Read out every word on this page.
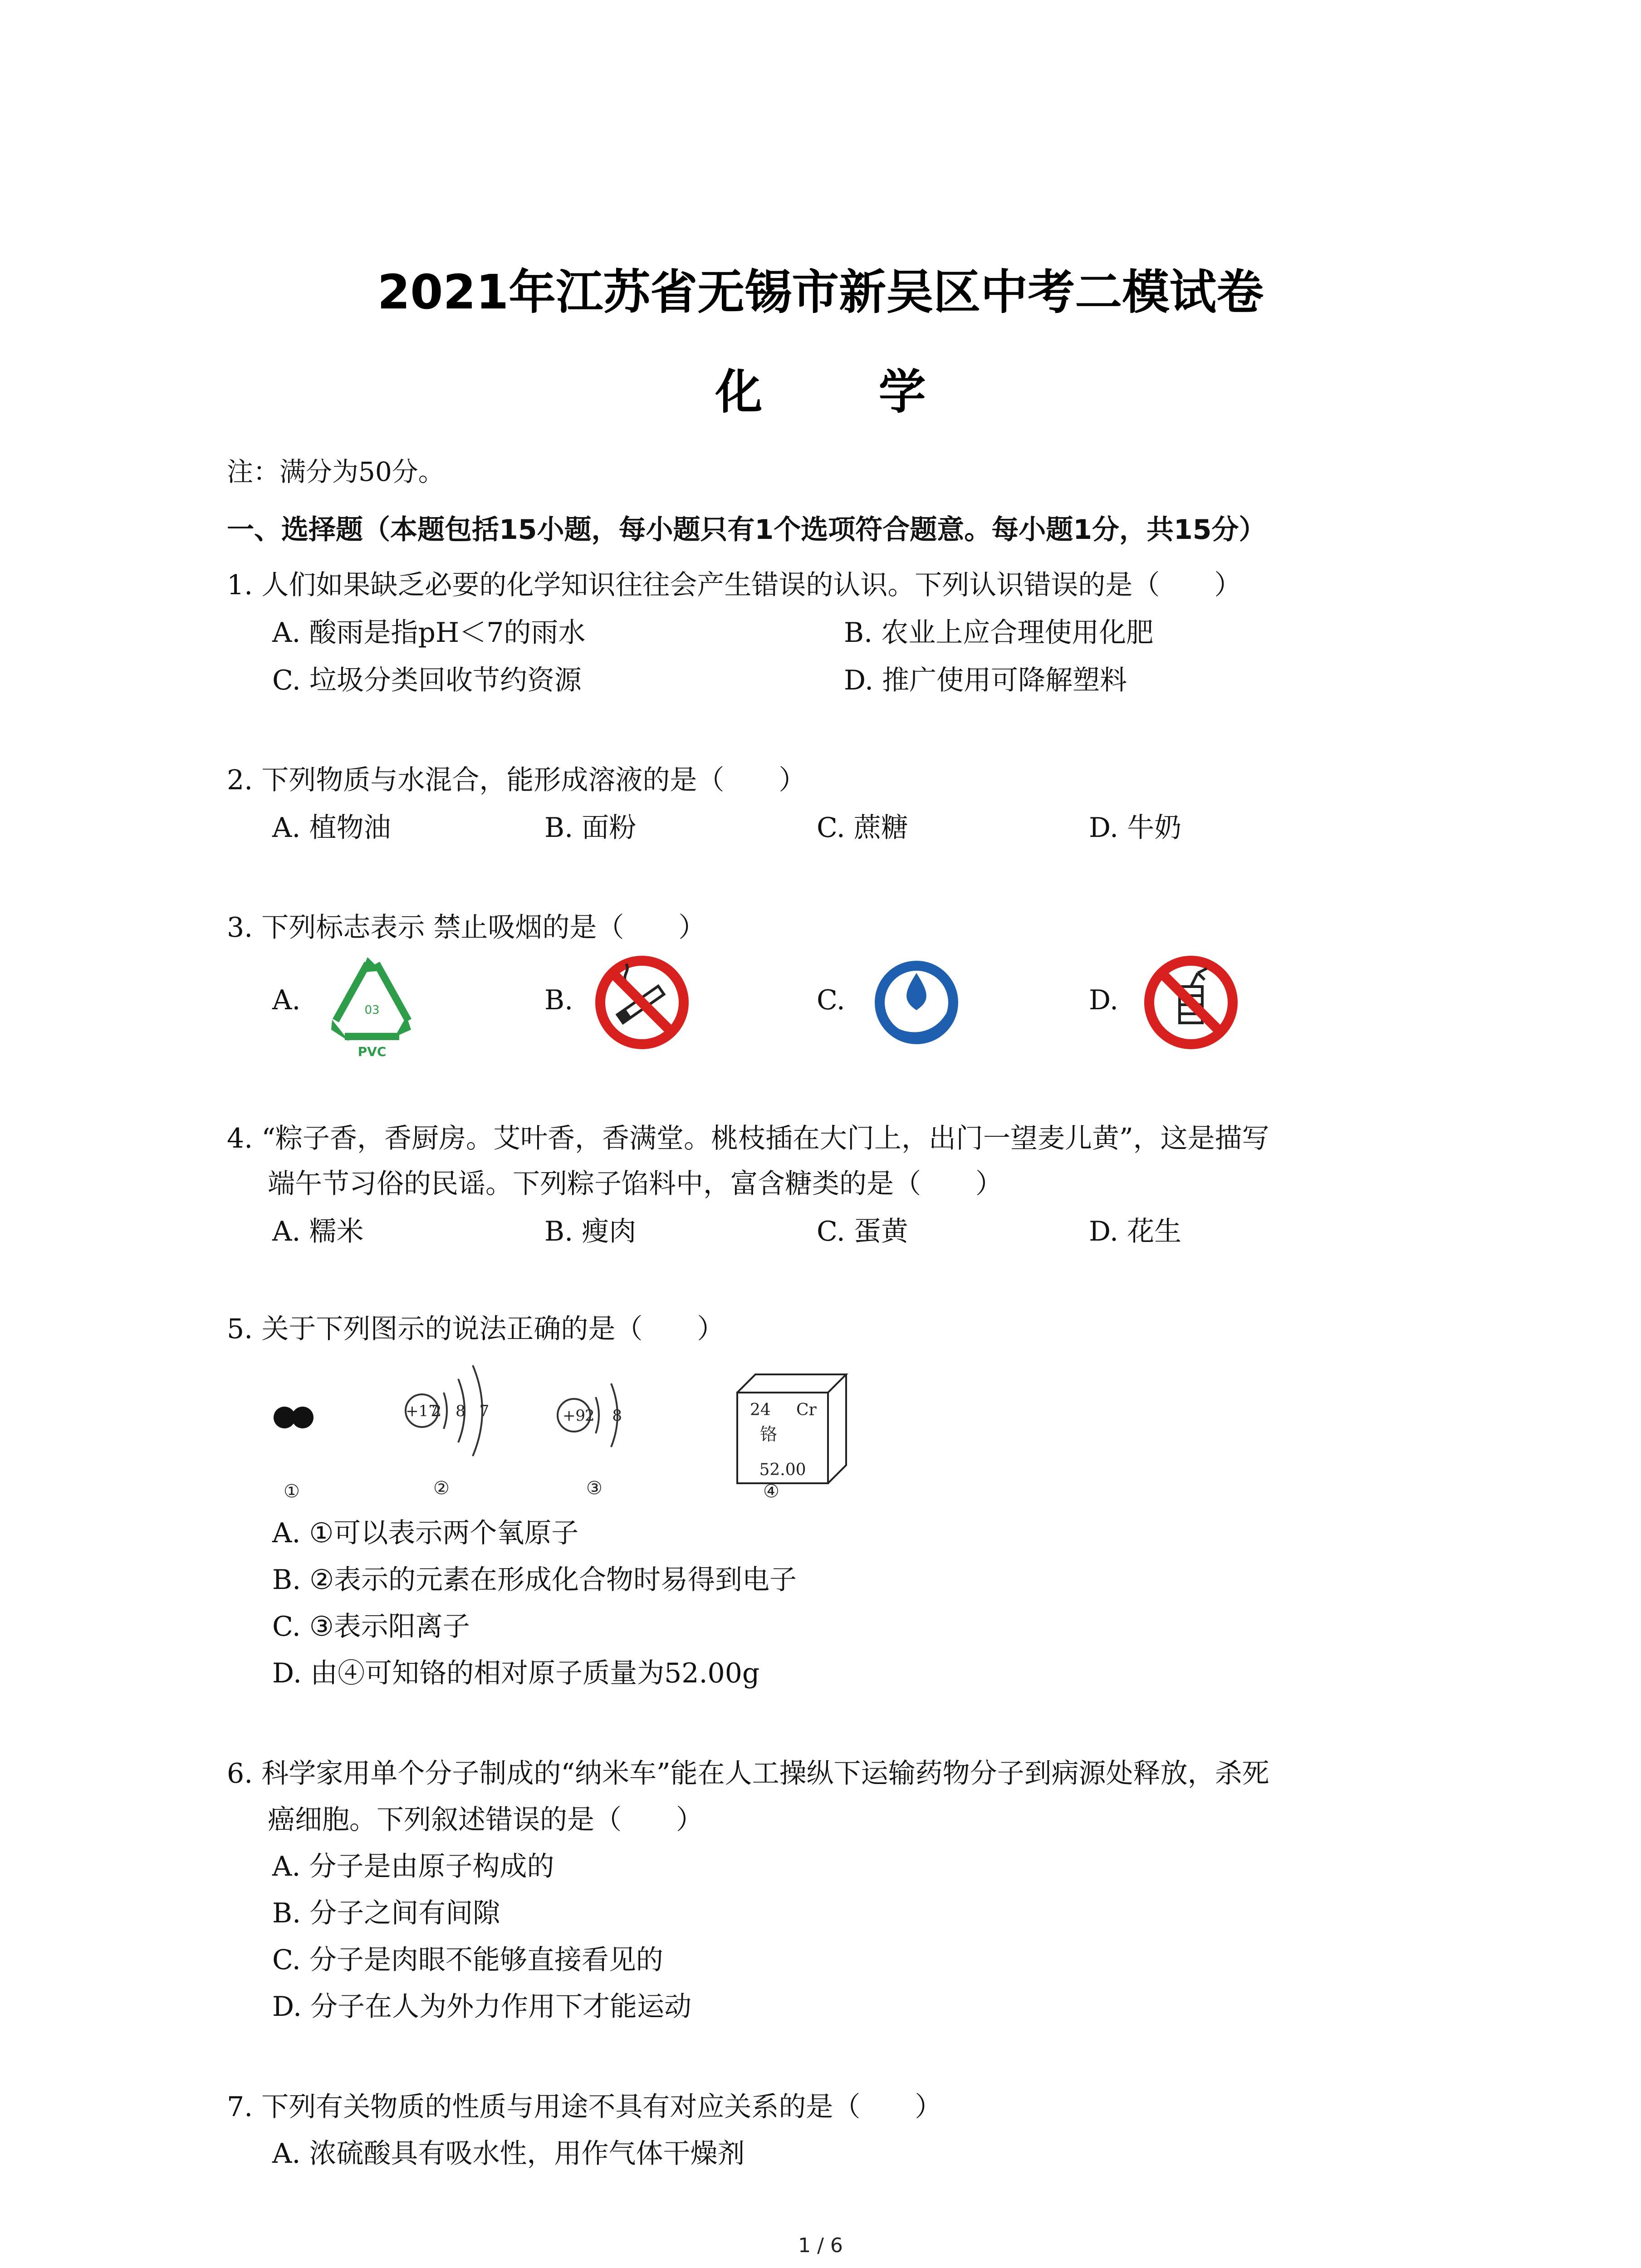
2021年江苏省无锡市新吴区中考二模试卷
化 学
注：满分为50分。
一、选择题（本题包括15小题，每小题只有1个选项符合题意。每小题1分，共15分）
1. 人们如果缺乏必要的化学知识往往会产生错误的认识。下列认识错误的是（　　）
A. 酸雨是指pH＜7的雨水	B. 农业上应合理使用化肥
C. 垃圾分类回收节约资源	D. 推广使用可降解塑料
2. 下列物质与水混合，能形成溶液的是（　　）
A. 植物油	B. 面粉	C. 蔗糖	D. 牛奶
3. 下列标志表示 禁止吸烟的是（　　）
A.	B.	C.	D.
03
PVC
4. “粽子香，香厨房。艾叶香，香满堂。桃枝插在大门上，出门一望麦儿黄”，这是描写
端午节习俗的民谣。下列粽子馅料中，富含糖类的是（　　）
A. 糯米	B. 瘦肉	C. 蛋黄	D. 花生
5. 关于下列图示的说法正确的是（　　）
①
+17
2 8 7
②
+9
2 8
③
24 Cr
铬
52.00
④
A. ①可以表示两个氧原子
B. ②表示的元素在形成化合物时易得到电子
C. ③表示阳离子
D. 由④可知铬的相对原子质量为52.00g
6. 科学家用单个分子制成的“纳米车”能在人工操纵下运输药物分子到病源处释放，杀死
癌细胞。下列叙述错误的是（　　）
A. 分子是由原子构成的
B. 分子之间有间隙
C. 分子是肉眼不能够直接看见的
D. 分子在人为外力作用下才能运动
7. 下列有关物质的性质与用途不具有对应关系的是（　　）
A. 浓硫酸具有吸水性，用作气体干燥剂
1 / 6
